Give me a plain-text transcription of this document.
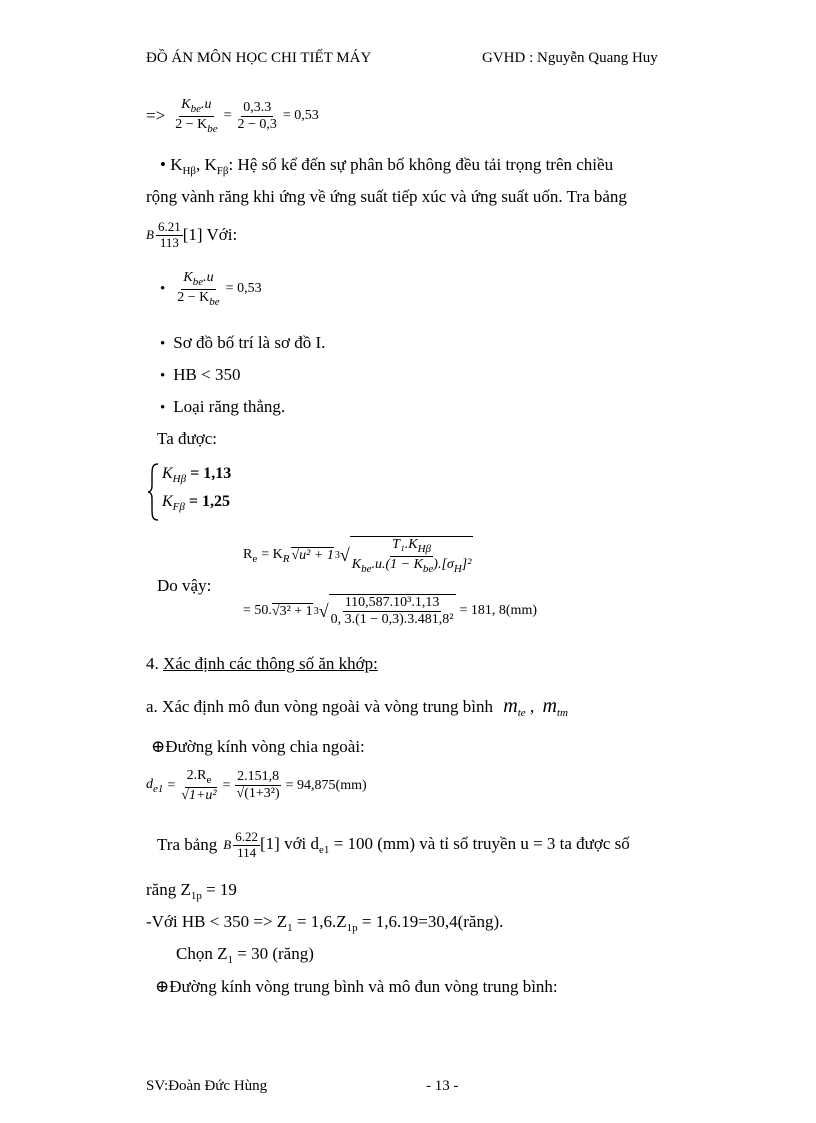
ĐỒ ÁN MÔN HỌC CHI TIẾT MÁY	GVHD : Nguyễn Quang Huy
=> $\frac{K_{be}.u}{2 - K_{be}} = \frac{0,3.3}{2 - 0,3} = 0,53$
• $K_{H\beta}$, $K_{F\beta}$: Hệ số kể đến sự phân bố không đều tải trọng trên chiều
rộng vành răng khi ứng về ứng suất tiếp xúc và ứng suất uốn. Tra bảng
B $\frac{6.21}{113} [1]$ Với:
• $\frac{K_{be}.u}{2 - K_{be}} = 0,53$
• Sơ đồ bố trí là sơ đồ I.
• HB < 350
• Loại răng thẳng.
Ta được:
$K_{H\beta} = 1,13$
$K_{F\beta} = 1,25$
Do vậy:
$R_e = K_R$ √u² + 1 3 √ $\frac{T_1.K_{H\beta}}{K_{be}.u.(1 - K_{be}).[\sigma_H]^2}$
= 50. √3² + 1 3 √ $\frac{\text{110,587.10³.1,13}}{\text{0, 3.(1 − 0,3).3.481,8²}} = 181$, 8(mm)
4. Xác định các thông số ăn khớp:
a. Xác định mô đun vòng ngoài và vòng trung bình $m_{te}$ , $m_{tm}$
⊕Đường kính vòng chia ngoài:
$d_{e1} = \frac{2.R_e}{\text{√1+u²}} = \frac{2.151,8}{\text{√(1+3²)}} = 94,875(mm)$
Tra bảng B $\frac{6.22}{114} [1]$ với $d_{e1} = 100$ (mm) và tỉ số truyền u = 3 ta được số
răng $Z_{1p} = 19$
-Với HB < $350 => Z_1 = 1,6.Z_{1p}$ = 1,6.19=30,4(răng).
Chọn $Z_1 = 30$ (răng)
⊕Đường kính vòng trung bình và mô đun vòng trung bình:
SV:Đoàn Đức Hùng	- 13 -
